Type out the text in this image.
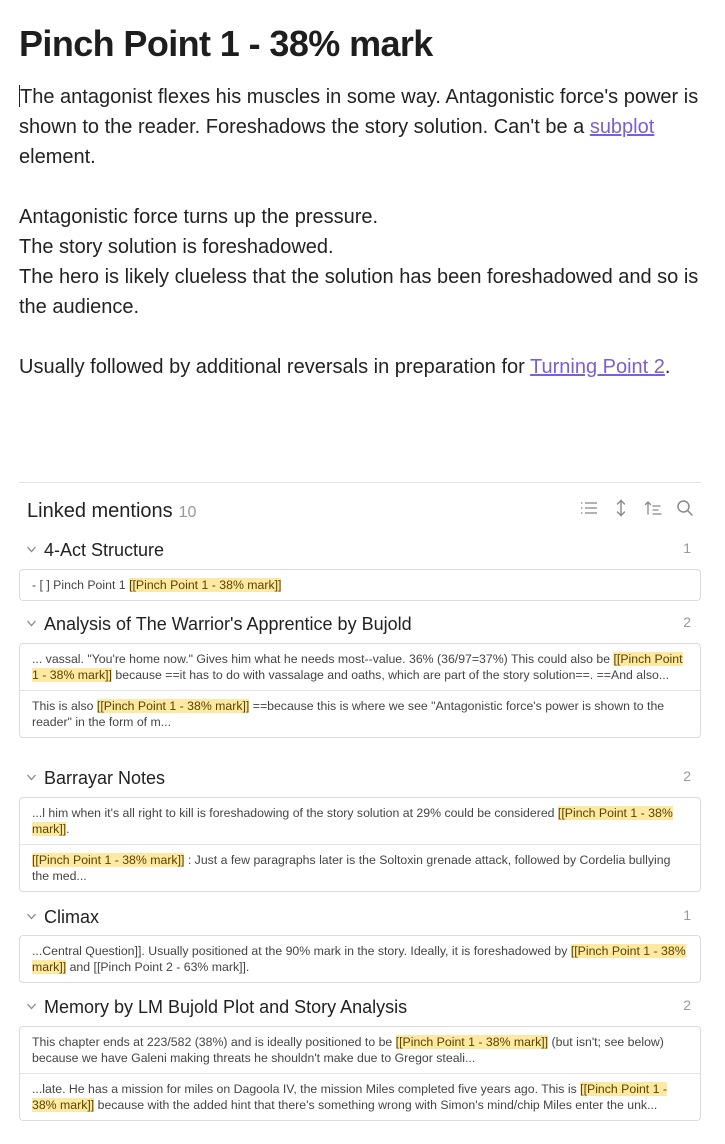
Pinch Point 1 - 38% mark
The antagonist flexes his muscles in some way. Antagonistic force's power is shown to the reader. Foreshadows the story solution. Can't be a subplot element.
Antagonistic force turns up the pressure.
The story solution is foreshadowed.
The hero is likely clueless that the solution has been foreshadowed and so is the audience.
Usually followed by additional reversals in preparation for Turning Point 2.
Linked mentions 10
4-Act Structure	1
- [ ] Pinch Point 1 [[Pinch Point 1 - 38% mark]]
Analysis of The Warrior's Apprentice by Bujold	2
... vassal. "You're home now." Gives him what he needs most--value. 36% (36/97=37%) This could also be [[Pinch Point 1 - 38% mark]] because ==it has to do with vassalage and oaths, which are part of the story solution==. ==And also...
This is also [[Pinch Point 1 - 38% mark]] ==because this is where we see "Antagonistic force's power is shown to the reader" in the form of m...
Barrayar Notes	2
...l him when it's all right to kill is foreshadowing of the story solution at 29% could be considered [[Pinch Point 1 - 38% mark]].
[[Pinch Point 1 - 38% mark]] : Just a few paragraphs later is the Soltoxin grenade attack, followed by Cordelia bullying the med...
Climax	1
...Central Question]]. Usually positioned at the 90% mark in the story. Ideally, it is foreshadowed by [[Pinch Point 1 - 38% mark]] and [[Pinch Point 2 - 63% mark]].
Memory by LM Bujold Plot and Story Analysis	2
This chapter ends at 223/582 (38%) and is ideally positioned to be [[Pinch Point 1 - 38% mark]] (but isn't; see below) because we have Galeni making threats he shouldn't make due to Gregor steali...
...late. He has a mission for miles on Dagoola IV, the mission Miles completed five years ago. This is [[Pinch Point 1 - 38% mark]] because with the added hint that there's something wrong with Simon's mind/chip Miles enter the unk...
